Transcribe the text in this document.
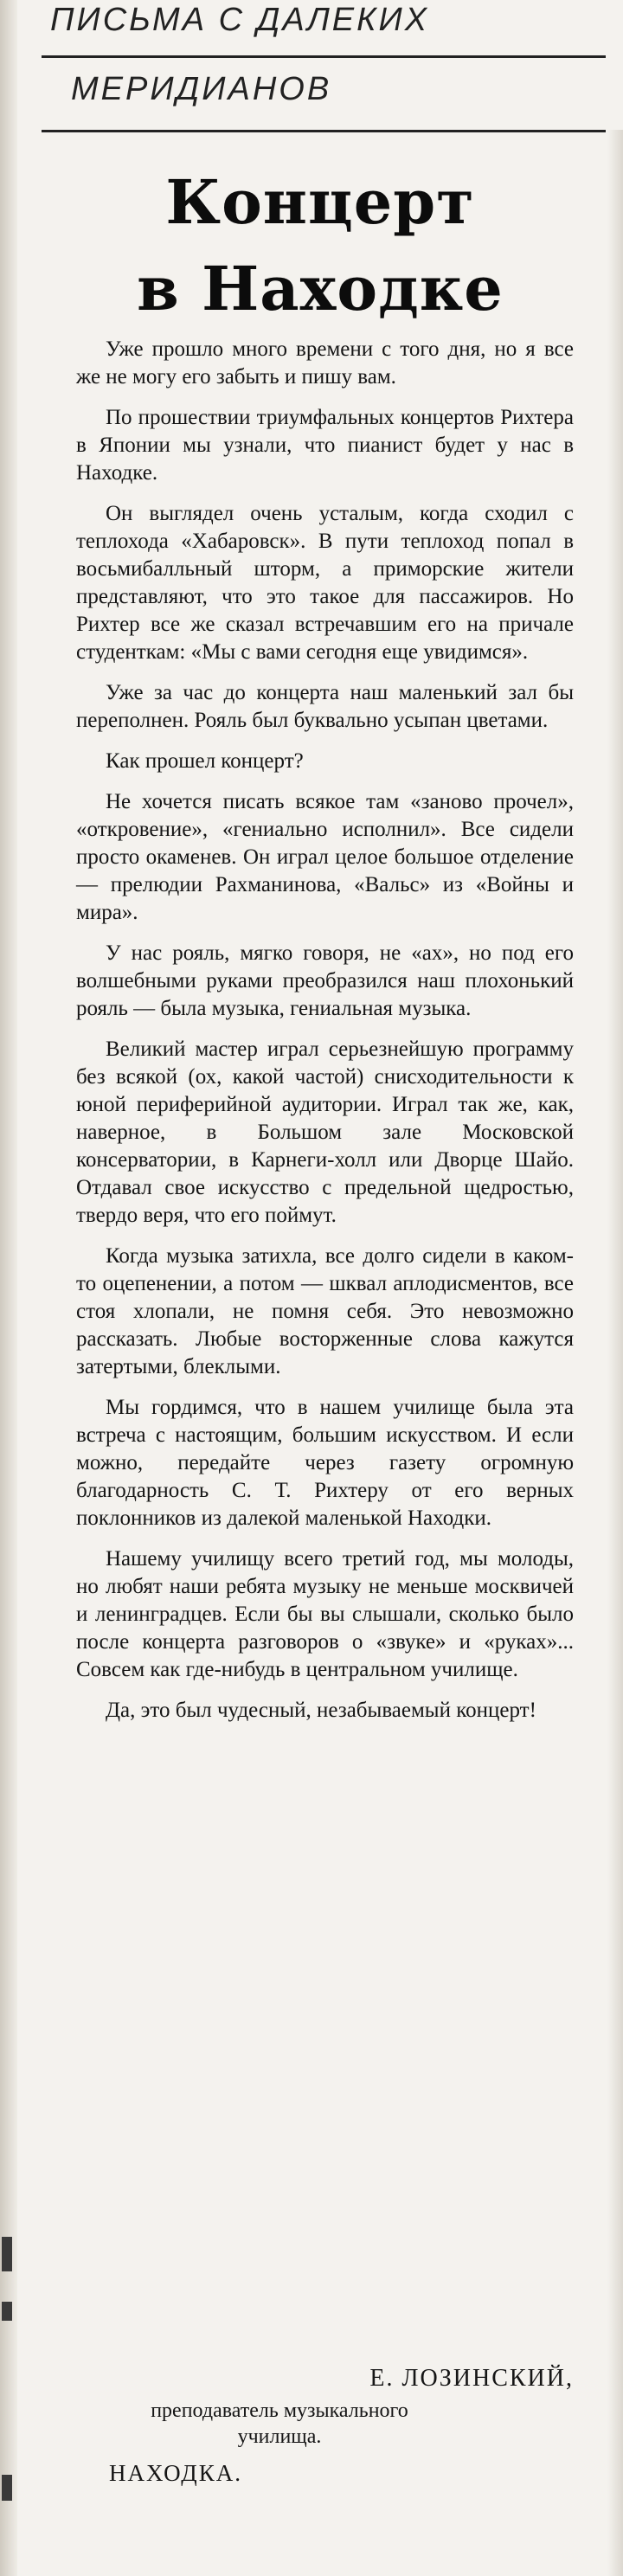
ПИСЬМА С ДАЛЕКИХ
МЕРИДИАНОВ
Концерт
в Находке

Уже прошло много времени с того дня, но я все же не могу его забыть и пишу вам.

По прошествии триумфальных концертов Рихтера в Японии мы узнали, что пианист будет у нас в Находке.

Он выглядел очень усталым, когда сходил с теплохода «Хабаровск». В пути теплоход попал в восьмибалльный шторм, а приморские жители представляют, что это такое для пассажиров. Но Рихтер все же сказал встречавшим его на причале студенткам: «Мы с вами сегодня еще увидимся».

Уже за час до концерта наш маленький зал бы переполнен. Рояль был буквально усыпан цветами.

Как прошел концерт?

Не хочется писать всякое там «заново прочел», «откровение», «гениально исполнил». Все сидели просто окаменев. Он играл целое большое отделение — прелюдии Рахманинова, «Вальс» из «Войны и мира».

У нас рояль, мягко говоря, не «ах», но под его волшебными руками преобразился наш плохонький рояль — была музыка, гениальная музыка.

Великий мастер играл серьезнейшую программу без всякой (ох, какой частой) снисходительности к юной периферийной аудитории. Играл так же, как, наверное, в Большом зале Московской консерватории, в Карнеги-холл или Дворце Шайо. Отдавал свое искусство с предельной щедростью, твердо веря, что его поймут.

Когда музыка затихла, все долго сидели в каком-то оцепенении, а потом — шквал аплодисментов, все стоя хлопали, не помня себя. Это невозможно рассказать. Любые восторженные слова кажутся затертыми, блеклыми.

Мы гордимся, что в нашем училище была эта встреча с настоящим, большим искусством. И если можно, передайте через газету огромную благодарность С. Т. Рихтеру от его верных поклонников из далекой маленькой Находки.

Нашему училищу всего третий год, мы молоды, но любят наши ребята музыку не меньше москвичей и ленинградцев. Если бы вы слышали, сколько было после концерта разговоров о «звуке» и «руках»... Совсем как где-нибудь в центральном училище.

Да, это был чудесный, незабываемый концерт!

Е. ЛОЗИНСКИЙ,

преподаватель музыкального училища.
НАХОДКА.
